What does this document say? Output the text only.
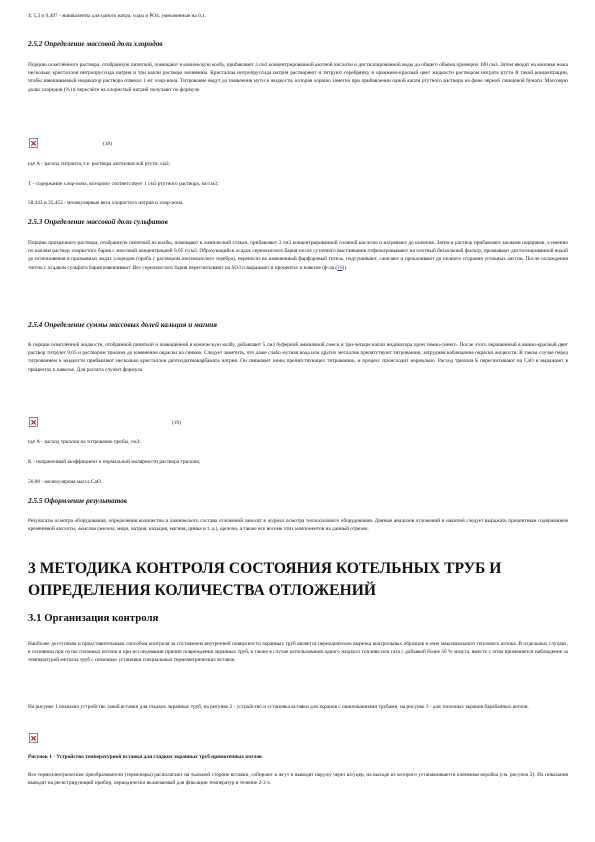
4; 5,3 и 9,497 - эквиваленты для одного натра, соды и PO4, умноженные на 0,1.

2.5.2 Определение массовой доли хлоридов

Порцию осветлённого раствора, отобранную пипеткой, помещают в коническую колбу, прибавляют 3 см3 концентрированной азотной кислоты и дистиллированной воды до общего объёма примерно 100 см3. Затем вводят на кончике ножа несколько кристаллов нитропруссида натрия и три капли раствора мочевины. Кристаллы нитропруссида натрия растворяют и титруют серебрянку в оранжево-красный цвет жидкости раствором нитрата ртути II такой концентрации, чтобы взвешиваемый индикатор раствора отвечал 1 мг хлор-иона. Титрование ведут до появления мути в жидкости, которая хорошо заметна при прибавлении одной капли ртутного раствора на фоне чёрной глянцевой бумаги. Массовую долю хлоридов (%) в пересчёте на хлористый натрий получают по формуле

(18)

где А - расход титранта, т.е. раствора азотнокислой ртути, см3;

Т - содержание хлор-иона, которому соответствует 1 см3 ртутного раствора, мг/см3;

58,443 и 35,453 - молекулярные веса хлористого натрия и хлор-иона.

2.5.3 Определение массовой доли сульфатов

Порцию прозрачного раствора, отобранную пипеткой из колбы, помещают в химический стакан, прибавляют 3 см3 концентрированной соляной кислоты и нагревают до кипения. Затем в раствор прибавляют малыми порциями, а именно по каплям раствор хлористого бария с массовой концентрацией 0,05 г/см3. Образующийся осадок сернокислого бария после суточного выстаивания отфильтровывают на плотный беззольный фильтр, промывают дистиллированной водой до исчезновения в промывных водах хлоридов (проба с раствором азотнокислого серебра), переносят во взвешенный фарфоровый тигель, подсушивают, сжигают и прокаливают до полного сгорания угольных частиц. После охлаждения тигель с осадком сульфата бария взвешивают. Вес сернокислого бария пересчитывают на SO3 и выражают в процентах к навеске (ф-ла (16)).

2.5.4 Определение суммы массовых долей кальция и магния

К порции осветлённой жидкости, отобранной пипеткой и помещённой в коническую колбу, добавляют 5 см3 буферной аммиачной смеси и три-четыре капли индикатора хром темно-синего. После этого окрашенный в винно-красный цвет раствор титруют 0,05 н раствором трилона до изменения окраски на синюю. Следует заметить, что даже слабо мутная вода или других металлов препятствуют титрованию, затрудняя наблюдение окраски жидкости. В таком случае перед титрованием к жидкости прибавляют несколько кристаллов диэтилдитиокарбамата натрия. Он связывает ионы препятствующих титрованию, и процесс происходит нормально. Расход трилона Б пересчитывают на CaO и выражают в процентах к навеске. Для расчета служит формула

(19)

где А - расход трилона на титрование пробы, см3;

К - поправочный коэффициент к нормальной молярности раствора трилона;

56,08 - молекулярная масса CaO.

2.5.5 Оформление результатов

Результаты осмотра оборудования, определения количества и химического состава отложений заносят в журнал осмотра теплосилового оборудования. Данные анализов отложений и накипей следует выражать процентным содержанием кремниевой кислоты, окислов (железа, меди, натрия, кальция, магния, цинка и т. д.), щелочи, а также все восемь этих компонентов на данный отрезок.

3 МЕТОДИКА КОНТРОЛЯ СОСТОЯНИЯ КОТЕЛЬНЫХ ТРУБ И ОПРЕДЕЛЕНИЯ КОЛИЧЕСТВА ОТЛОЖЕНИЙ
3.1 Организация контроля

Наиболее доступным и представительным способом контроля за состоянием внутренней поверхности экранных труб является периодическое вырезка контрольных образцов в зоне максимального теплового потока. В отдельных случаях, в основном при пуске головных котлов и при исследовании причин повреждения экранных труб, а также в случае использования одного жидкого топлива или газа с добавкой более 50 % мазута, вместе с этим применяется наблюдение за температурой металла труб с помощью установки специальных термометрических вставок.

На рисунке 1 показано устройство такой вставки для гладких экранных труб, на рисунке 2 - устройство и установка вставки для экранов с ошипованными трубами, на рисунке 3 - для топочных экранов барабанных котлов.

Рисунок 1 - Устройство температурной вставки для гладких экранных труб прямоточных котлов

Все термоэлектрические преобразователи (термопары) располагают на тыльной стороне вставки, собирают в жгут и выводят наружу через штуцер, на выходе из которого устанавливается клеммная коробка (см. рисунок 2). Их показания выводят на регистрирующий прибор, периодически включаемый для фиксации температур в течение 2-3 ч.
